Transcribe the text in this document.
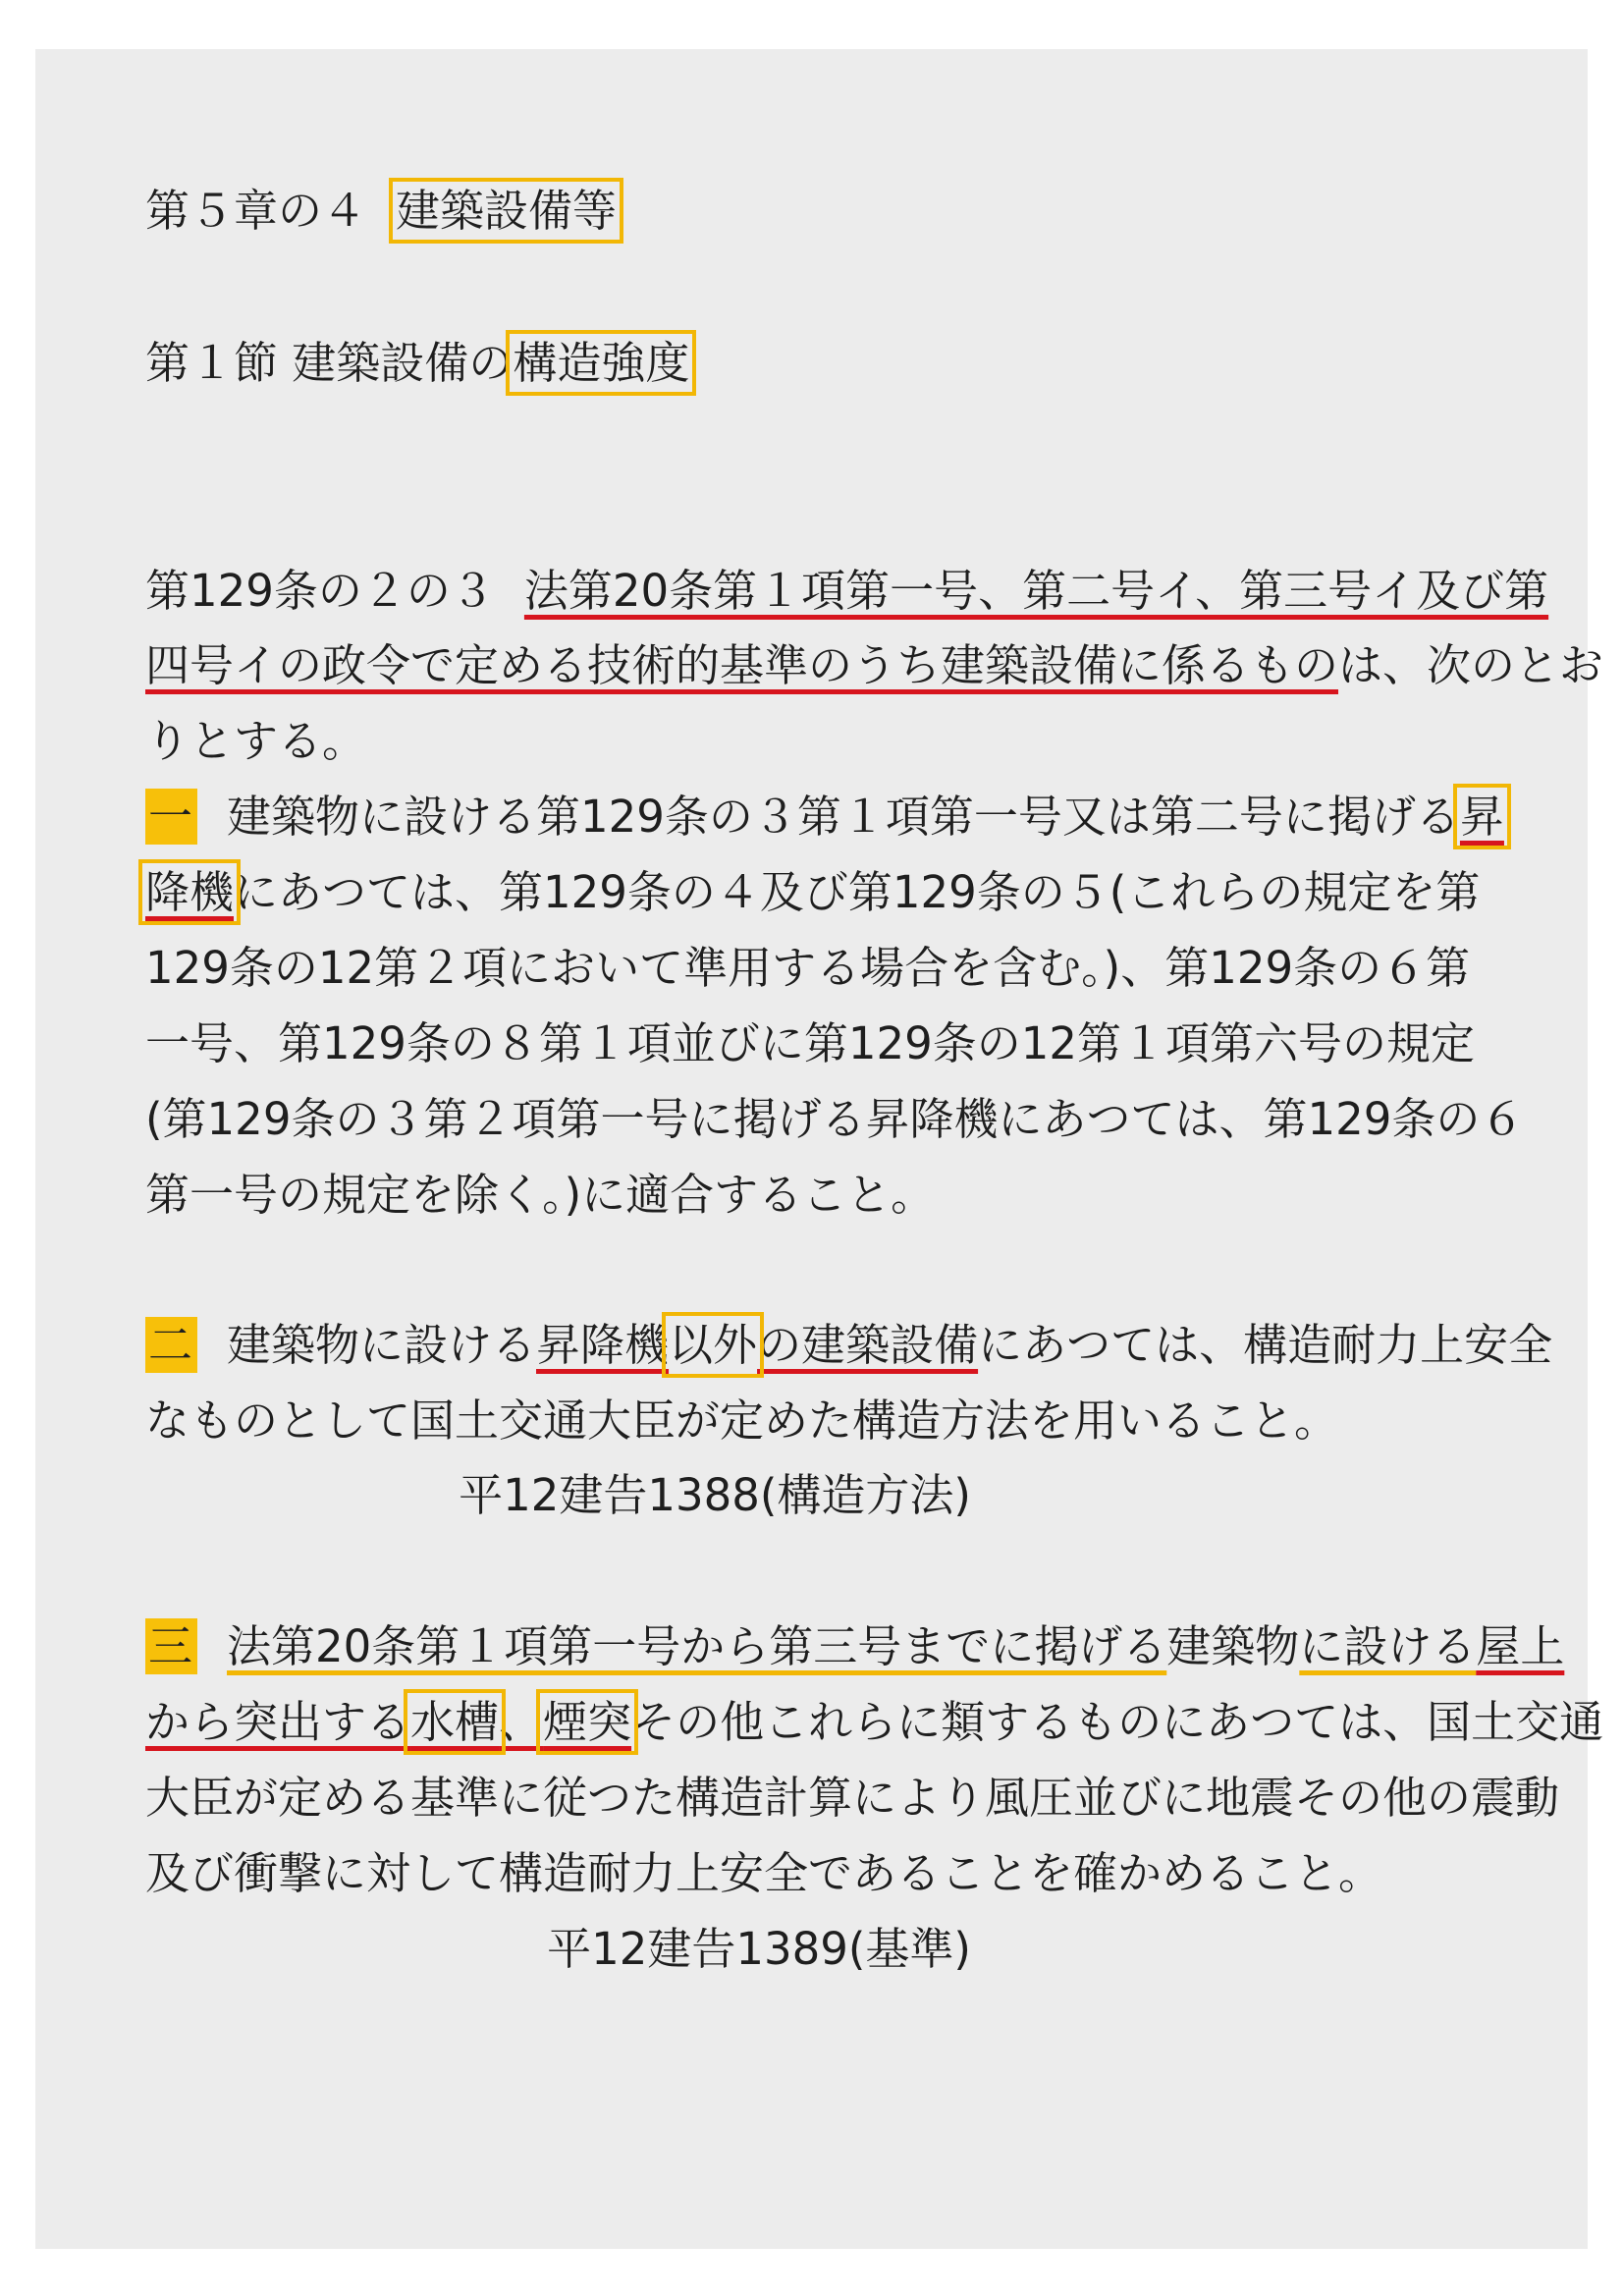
第５章の４ 建築設備等
第１節 建築設備の構造強度
第129条の２の３ 法第20条第１項第一号、第二号イ、第三号イ及び第
四号イの政令で定める技術的基準のうち建築設備に係るものは、次のとお
りとする。
一 建築物に設ける第129条の３第１項第一号又は第二号に掲げる昇
降機にあつては、第129条の４及び第129条の５(これらの規定を第
129条の12第２項において準用する場合を含む。)、第129条の６第
一号、第129条の８第１項並びに第129条の12第１項第六号の規定
(第129条の３第２項第一号に掲げる昇降機にあつては、第129条の６
第一号の規定を除く。)に適合すること。
二 建築物に設ける昇降機以外の建築設備にあつては、構造耐力上安全
なものとして国土交通大臣が定めた構造方法を用いること。
平12建告1388(構造方法)
三 法第20条第１項第一号から第三号までに掲げる建築物に設ける屋上
から突出する水槽、煙突その他これらに類するものにあつては、国土交通
大臣が定める基準に従つた構造計算により風圧並びに地震その他の震動
及び衝撃に対して構造耐力上安全であることを確かめること。
平12建告1389(基準)
